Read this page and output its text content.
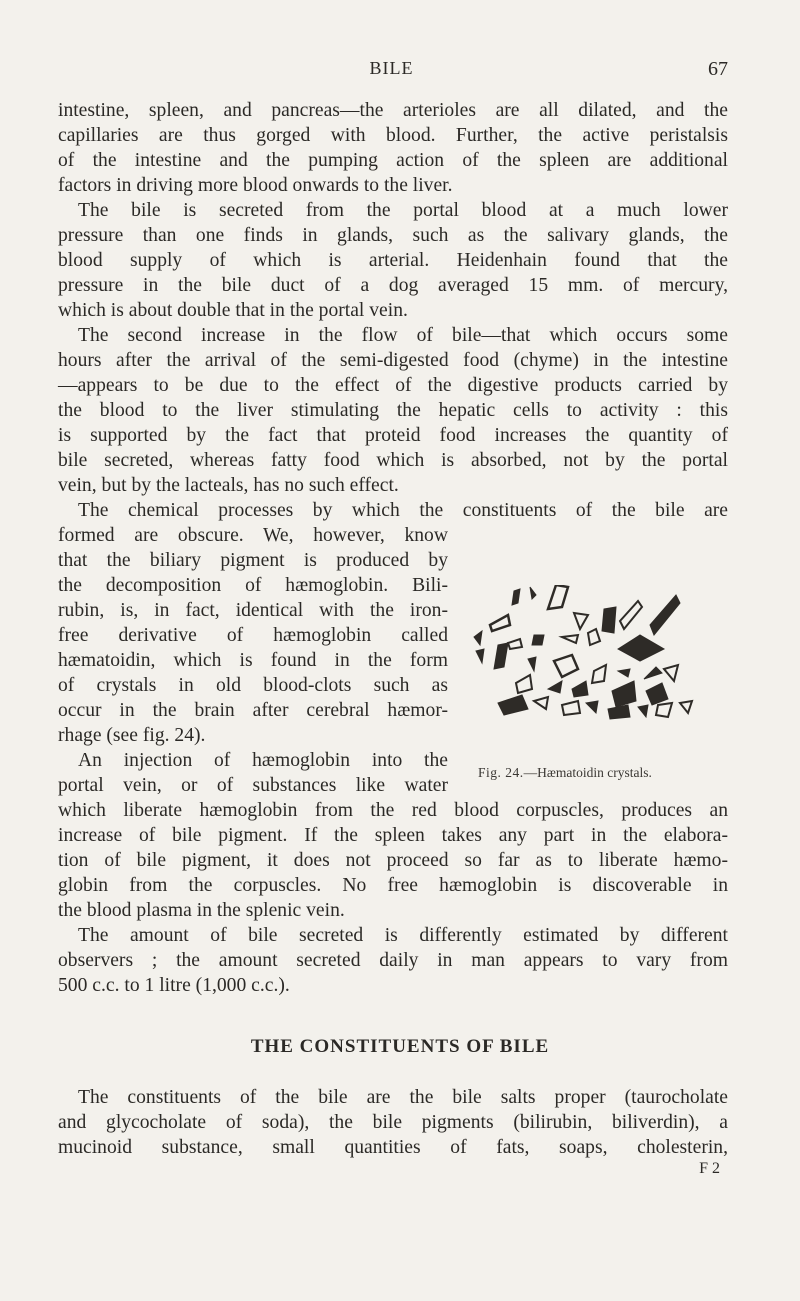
BILE	67
intestine, spleen, and pancreas—the arterioles are all dilated, and the
capillaries are thus gorged with blood. Further, the active peristalsis
of the intestine and the pumping action of the spleen are additional
factors in driving more blood onwards to the liver.
The bile is secreted from the portal blood at a much lower
pressure than one finds in glands, such as the salivary glands, the
blood supply of which is arterial. Heidenhain found that the
pressure in the bile duct of a dog averaged 15 mm. of mercury,
which is about double that in the portal vein.
The second increase in the flow of bile—that which occurs some
hours after the arrival of the semi-digested food (chyme) in the intestine
—appears to be due to the effect of the digestive products carried by
the blood to the liver stimulating the hepatic cells to activity : this
is supported by the fact that proteid food increases the quantity of
bile secreted, whereas fatty food which is absorbed, not by the portal
vein, but by the lacteals, has no such effect.
The chemical processes by which the constituents of the bile are
formed are obscure. We, however, know
that the biliary pigment is produced by
the decomposition of hæmoglobin. Bili-
rubin, is, in fact, identical with the iron-
free derivative of hæmoglobin called
hæmatoidin, which is found in the form
of crystals in old blood-clots such as
occur in the brain after cerebral hæmor-
rhage (see fig. 24).
An injection of hæmoglobin into the
portal vein, or of substances like water
which liberate hæmoglobin from the red blood corpuscles, produces an
increase of bile pigment. If the spleen takes any part in the elabora-
tion of bile pigment, it does not proceed so far as to liberate hæmo-
globin from the corpuscles. No free hæmoglobin is discoverable in
the blood plasma in the splenic vein.
The amount of bile secreted is differently estimated by different
observers ; the amount secreted daily in man appears to vary from
500 c.c. to 1 litre (1,000 c.c.).
THE CONSTITUENTS OF BILE
The constituents of the bile are the bile salts proper (taurocholate
and glycocholate of soda), the bile pigments (bilirubin, biliverdin), a
mucinoid substance, small quantities of fats, soaps, cholesterin,
F 2
Fig. 24.—Hæmatoidin crystals.
